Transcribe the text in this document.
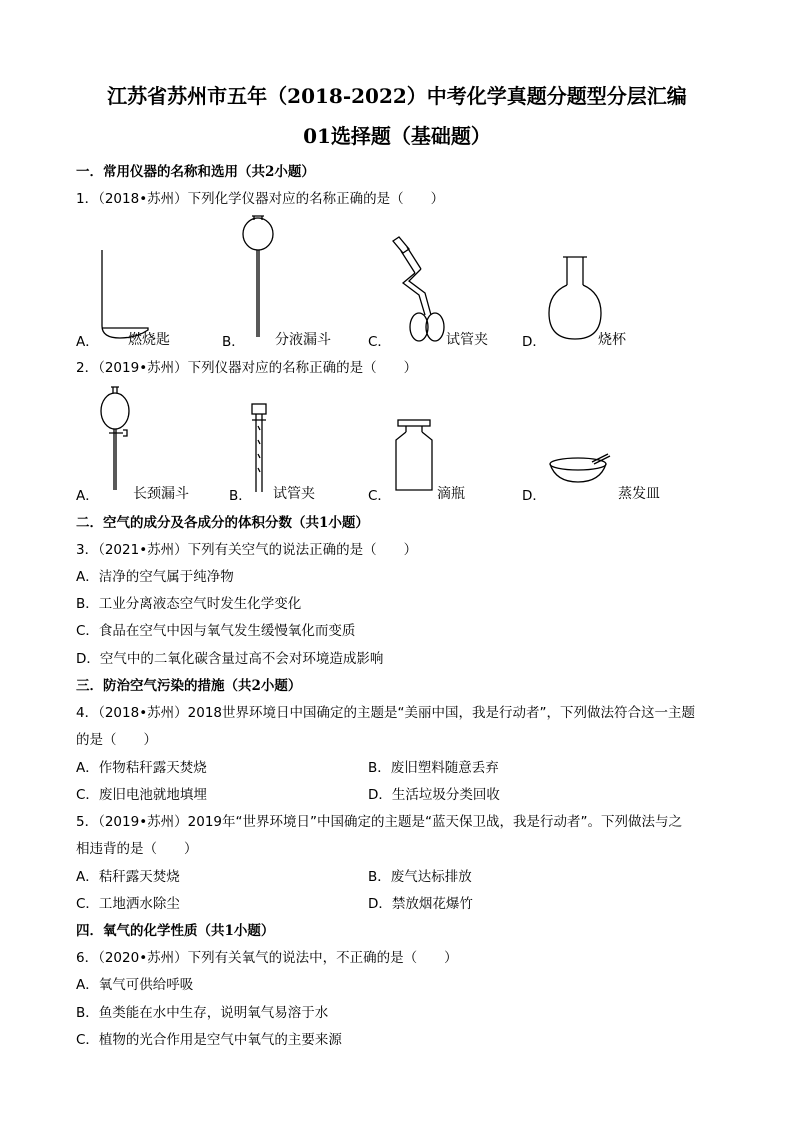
江苏省苏州市五年（2018-2022）中考化学真题分题型分层汇编
01选择题（基础题）
一．常用仪器的名称和选用（共2小题）
1．（2018•苏州）下列化学仪器对应的名称正确的是（　　）
A． 燃烧匙	B． 分液漏斗	C．	试管夹	D．	烧杯
2．（2019•苏州）下列仪器对应的名称正确的是（　　）
A． 长颈漏斗	B． 试管夹	C．	滴瓶	D．	蒸发皿
二．空气的成分及各成分的体积分数（共1小题）
3．（2021•苏州）下列有关空气的说法正确的是（　　）
A．洁净的空气属于纯净物
B．工业分离液态空气时发生化学变化
C．食品在空气中因与氧气发生缓慢氧化而变质
D．空气中的二氧化碳含量过高不会对环境造成影响
三．防治空气污染的措施（共2小题）
4．（2018•苏州）2018世界环境日中国确定的主题是“美丽中国，我是行动者”，下列做法符合这一主题
的是（　　）
A．作物秸秆露天焚烧	B．废旧塑料随意丢弃
C．废旧电池就地填埋	D．生活垃圾分类回收
5．（2019•苏州）2019年“世界环境日”中国确定的主题是“蓝天保卫战，我是行动者”。下列做法与之
相违背的是（　　）
A．秸秆露天焚烧	B．废气达标排放
C．工地洒水除尘	D．禁放烟花爆竹
四．氧气的化学性质（共1小题）
6．（2020•苏州）下列有关氧气的说法中，不正确的是（　　）
A．氧气可供给呼吸
B．鱼类能在水中生存，说明氧气易溶于水
C．植物的光合作用是空气中氧气的主要来源
